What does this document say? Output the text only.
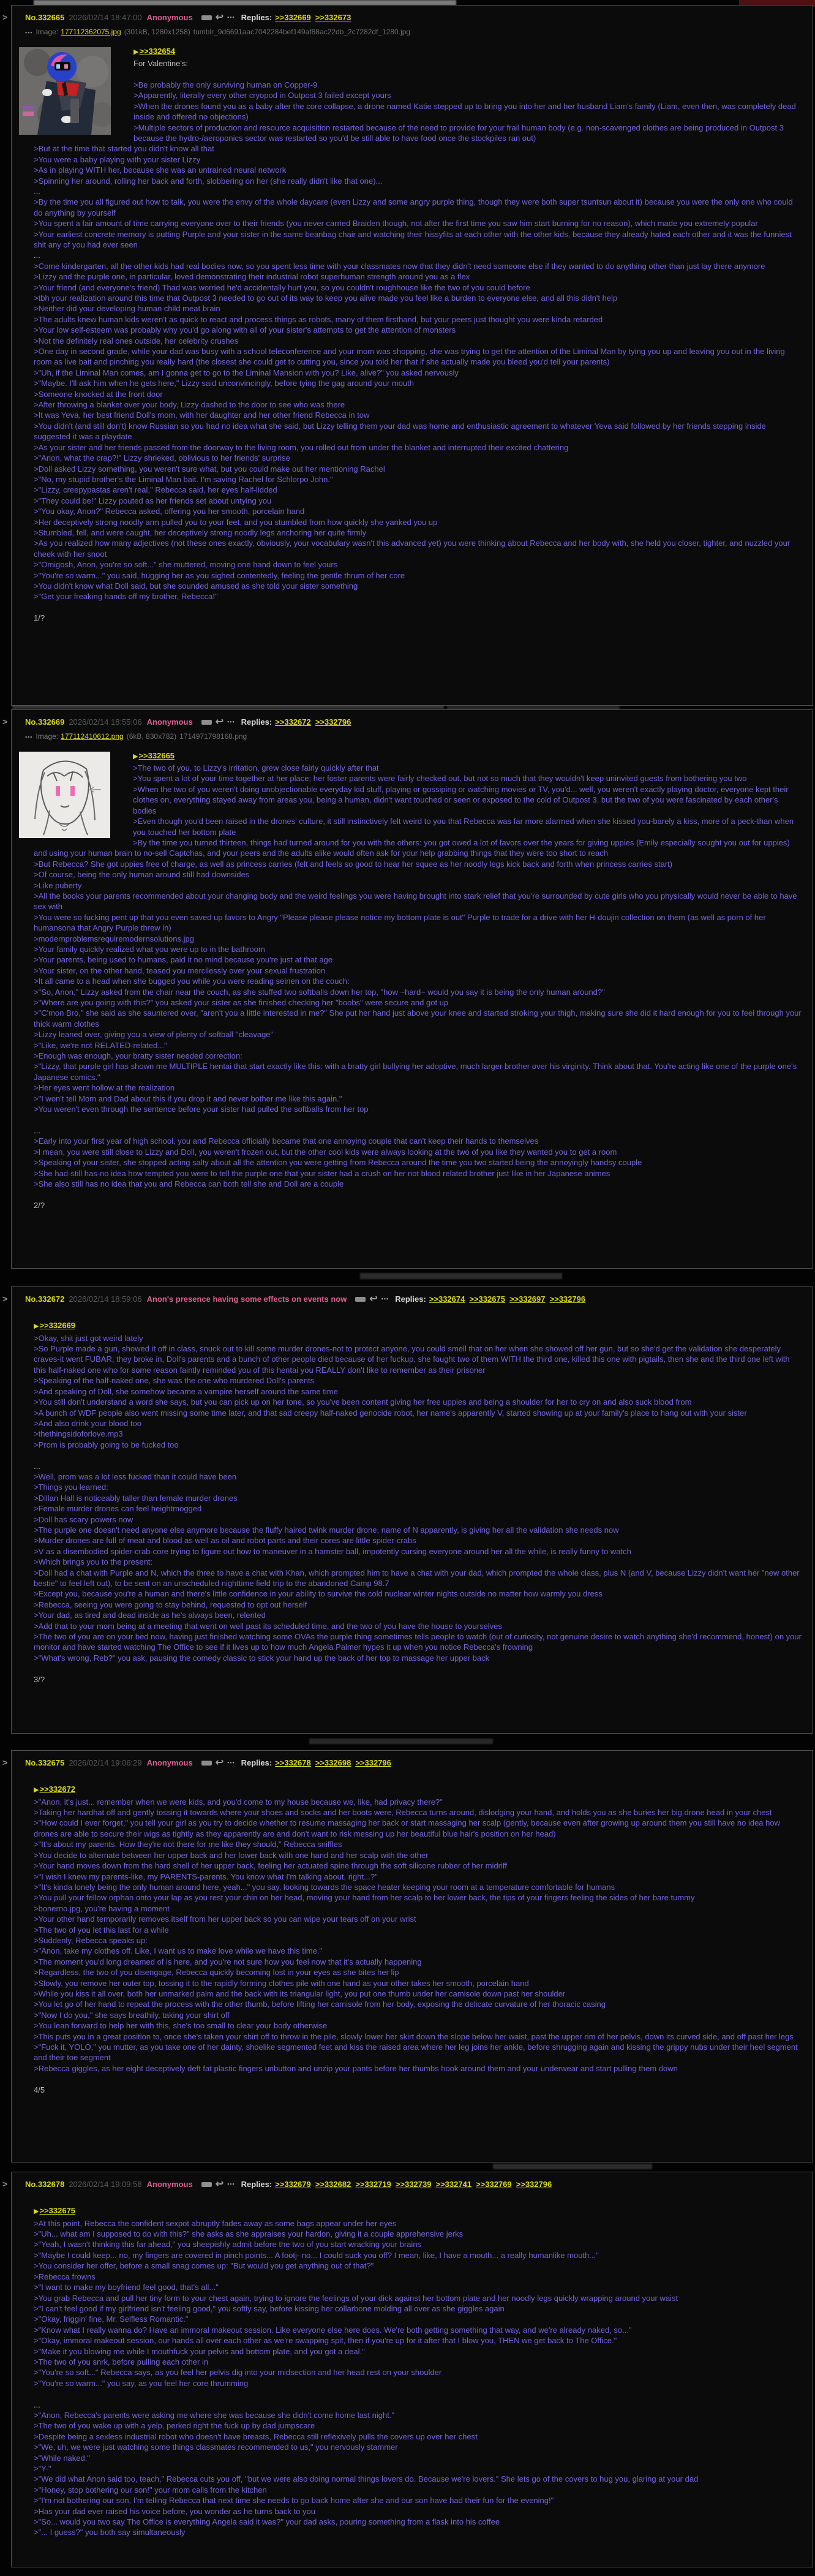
> No.332665 2026/02/14 18:47:00 Anonymous ↩ ••• Replies: >>332669 >>332673
••• Image: 177112362075.jpg (301kB, 1280x1258) tumblr_9d6691aac7042284bef149af88ac22db_2c7282df_1280.jpg
▶>>332654
For Valentine's:
>Be probably the only surviving human on Copper-9
>Apparently, literally every other cryopod in Outpost 3 failed except yours
>When the drones found you as a baby after the core collapse, a drone named Katie stepped up to bring you into her and her husband Liam's family (Liam, even then, was completely dead inside and offered no objections)
>Multiple sectors of production and resource acquisition restarted because of the need to provide for your frail human body (e.g. non-scavenged clothes are being produced in Outpost 3 because the hydro-/aeroponics sector was restarted so you'd be still able to have food once the stockpiles ran out)
>But at the time that started you didn't know all that
>You were a baby playing with your sister Lizzy
>As in playing WITH her, because she was an untrained neural network
>Spinning her around, rolling her back and forth, slobbering on her (she really didn't like that one)...
...
>By the time you all figured out how to talk, you were the envy of the whole daycare (even Lizzy and some angry purple thing, though they were both super tsuntsun about it) because you were the only one who could do anything by yourself
>You spent a fair amount of time carrying everyone over to their friends (you never carried Braiden though, not after the first time you saw him start burning for no reason), which made you extremely popular
>Your earliest concrete memory is putting Purple and your sister in the same beanbag chair and watching their hissyfits at each other with the other kids, because they already hated each other and it was the funniest shit any of you had ever seen
...
>Come kindergarten, all the other kids had real bodies now, so you spent less time with your classmates now that they didn't need someone else if they wanted to do anything other than just lay there anymore
>Lizzy and the purple one, in particular, loved demonstrating their industrial robot superhuman strength around you as a flex
>Your friend (and everyone's friend) Thad was worried he'd accidentally hurt you, so you couldn't roughhouse like the two of you could before
>tbh your realization around this time that Outpost 3 needed to go out of its way to keep you alive made you feel like a burden to everyone else, and all this didn't help
>Neither did your developing human child meat brain
>The adults knew human kids weren't as quick to react and process things as robots, many of them firsthand, but your peers just thought you were kinda retarded
>Your low self-esteem was probably why you'd go along with all of your sister's attempts to get the attention of monsters
>Not the definitely real ones outside, her celebrity crushes
>One day in second grade, while your dad was busy with a school teleconference and your mom was shopping, she was trying to get the attention of the Liminal Man by tying you up and leaving you out in the living room as live bait and pinching you really hard (the closest she could get to cutting you, since you told her that if she actually made you bleed you'd tell your parents)
>"Uh, if the Liminal Man comes, am I gonna get to go to the Liminal Mansion with you? Like, alive?" you asked nervously
>"Maybe. I'll ask him when he gets here," Lizzy said unconvincingly, before tying the gag around your mouth
>Someone knocked at the front door
>After throwing a blanket over your body, Lizzy dashed to the door to see who was there
>It was Yeva, her best friend Doll's mom, with her daughter and her other friend Rebecca in tow
>You didn't (and still don't) know Russian so you had no idea what she said, but Lizzy telling them your dad was home and enthusiastic agreement to whatever Yeva said followed by her friends stepping inside suggested it was a playdate
>As your sister and her friends passed from the doorway to the living room, you rolled out from under the blanket and interrupted their excited chattering
>"Anon, what the crap?!" Lizzy shrieked, oblivious to her friends' surprise
>Doll asked Lizzy something, you weren't sure what, but you could make out her mentioning Rachel
>"No, my stupid brother's the Liminal Man bait. I'm saving Rachel for Schlorpo John."
>"Lizzy, creepypastas aren't real," Rebecca said, her eyes half-lidded
>"They could be!" Lizzy pouted as her friends set about untying you
>"You okay, Anon?" Rebecca asked, offering you her smooth, porcelain hand
>Her deceptively strong noodly arm pulled you to your feet, and you stumbled from how quickly she yanked you up
>Stumbled, fell, and were caught, her deceptively strong noodly legs anchoring her quite firmly
>As you realized how many adjectives (not these ones exactly, obviously, your vocabulary wasn't this advanced yet) you were thinking about Rebecca and her body with, she held you closer, tighter, and nuzzled your cheek with her snoot
>"Omigosh, Anon, you're so soft..." she muttered, moving one hand down to feel yours
>"You're so warm..." you said, hugging her as you sighed contentedly, feeling the gentle thrum of her core
>You didn't know what Doll said, but she sounded amused as she told your sister something
>"Get your freaking hands off my brother, Rebecca!"
1/?
> No.332669 2026/02/14 18:55:06 Anonymous ↩ ••• Replies: >>332672 >>332796
••• Image: 177112410612.png (6kB, 830x782) 1714971798168.png
▶>>332665
>The two of you, to Lizzy's irritation, grew close fairly quickly after that
>You spent a lot of your time together at her place; her foster parents were fairly checked out, but not so much that they wouldn't keep uninvited guests from bothering you two
>When the two of you weren't doing unobjectionable everyday kid stuff, playing or gossiping or watching movies or TV, you'd... well, you weren't exactly playing doctor, everyone kept their clothes on, everything stayed away from areas you, being a human, didn't want touched or seen or exposed to the cold of Outpost 3, but the two of you were fascinated by each other's bodies
>Even though you'd been raised in the drones' culture, it still instinctively felt weird to you that Rebecca was far more alarmed when she kissed you-barely a kiss, more of a peck-than when you touched her bottom plate
>By the time you turned thirteen, things had turned around for you with the others: you got owed a lot of favors over the years for giving uppies (Emily especially sought you out for uppies) and using your human brain to no-sell Captchas, and your peers and the adults alike would often ask for your help grabbing things that they were too short to reach
>But Rebecca? She got uppies free of charge, as well as princess carries (felt and feels so good to hear her squee as her noodly legs kick back and forth when princess carries start)
>Of course, being the only human around still had downsides
>Like puberty
>All the books your parents recommended about your changing body and the weird feelings you were having brought into stark relief that you're surrounded by cute girls who you physically would never be able to have sex with
>You were so fucking pent up that you even saved up favors to Angry "Please please please notice my bottom plate is out" Purple to trade for a drive with her H-doujin collection on them (as well as porn of her humansona that Angry Purple threw in)
>modernproblemsrequiremodernsolutions.jpg
>Your family quickly realized what you were up to in the bathroom
>Your parents, being used to humans, paid it no mind because you're just at that age
>Your sister, on the other hand, teased you mercilessly over your sexual frustration
>It all came to a head when she bugged you while you were reading seinen on the couch:
>"So, Anon," Lizzy asked from the chair near the couch, as she stuffed two softballs down her top, "how ~hard~ would you say it is being the only human around?"
>"Where are you going with this?" you asked your sister as she finished checking her "boobs" were secure and got up
>"C'mon Bro," she said as she sauntered over, "aren't you a little interested in me?" She put her hand just above your knee and started stroking your thigh, making sure she did it hard enough for you to feel through your thick warm clothes
>Lizzy leaned over, giving you a view of plenty of softball "cleavage"
>"Like, we're not RELATED-related..."
>Enough was enough, your bratty sister needed correction:
>"Lizzy, that purple girl has shown me MULTIPLE hentai that start exactly like this: with a bratty girl bullying her adoptive, much larger brother over his virginity. Think about that. You're acting like one of the purple one's Japanese comics."
>Her eyes went hollow at the realization
>"I won't tell Mom and Dad about this if you drop it and never bother me like this again."
>You weren't even through the sentence before your sister had pulled the softballs from her top
...
>Early into your first year of high school, you and Rebecca officially became that one annoying couple that can't keep their hands to themselves
>I mean, you were still close to Lizzy and Doll, you weren't frozen out, but the other cool kids were always looking at the two of you like they wanted you to get a room
>Speaking of your sister, she stopped acting salty about all the attention you were getting from Rebecca around the time you two started being the annoyingly handsy couple
>She had-still has-no idea how tempted you were to tell the purple one that your sister had a crush on her not blood related brother just like in her Japanese animes
>She also still has no idea that you and Rebecca can both tell she and Doll are a couple
2/?
> No.332672 2026/02/14 18:59:06 Anon's presence having some effects on events now ↩ ••• Replies: >>332674 >>332675 >>332697 >>332796
▶>>332669
>Okay, shit just got weird lately
>So Purple made a gun, showed it off in class, snuck out to kill some murder drones-not to protect anyone, you could smell that on her when she showed off her gun, but so she'd get the validation she desperately craves-it went FUBAR, they broke in, Doll's parents and a bunch of other people died because of her fuckup, she fought two of them WITH the third one, killed this one with pigtails, then she and the third one left with this half-naked one who for some reason faintly reminded you of this hentai you REALLY don't like to remember as their prisoner
>Speaking of the half-naked one, she was the one who murdered Doll's parents
>And speaking of Doll, she somehow became a vampire herself around the same time
>You still don't understand a word she says, but you can pick up on her tone, so you've been content giving her free uppies and being a shoulder for her to cry on and also suck blood from
>A bunch of WDF people also went missing some time later, and that sad creepy half-naked genocide robot, her name's apparently V, started showing up at your family's place to hang out with your sister
>And also drink your blood too
>thethingsidoforlove.mp3
>Prom is probably going to be fucked too
...
>Well, prom was a lot less fucked than it could have been
>Things you learned:
>Dillan Hall is noticeably taller than female murder drones
>Female murder drones can feel heightmogged
>Doll has scary powers now
>The purple one doesn't need anyone else anymore because the fluffy haired twink murder drone, name of N apparently, is giving her all the validation she needs now
>Murder drones are full of meat and blood as well as oil and robot parts and their cores are little spider-crabs
>V as a disembodied spider-crab-core trying to figure out how to maneuver in a hamster ball, impotently cursing everyone around her all the while, is really funny to watch
>Which brings you to the present:
>Doll had a chat with Purple and N, which the three to have a chat with Khan, which prompted him to have a chat with your dad, which prompted the whole class, plus N (and V, because Lizzy didn't want her "new other bestie" to feel left out), to be sent on an unscheduled nighttime field trip to the abandoned Camp 98.7
>Except you, because you're a human and there's little confidence in your ability to survive the cold nuclear winter nights outside no matter how warmly you dress
>Rebecca, seeing you were going to stay behind, requested to opt out herself
>Your dad, as tired and dead inside as he's always been, relented
>Add that to your mom being at a meeting that went on well past its scheduled time, and the two of you have the house to yourselves
>The two of you are on your bed now, having just finished watching some OVAs the purple thing sometimes tells people to watch (out of curiosity, not genuine desire to watch anything she'd recommend, honest) on your monitor and have started watching The Office to see if it lives up to how much Angela Palmer hypes it up when you notice Rebecca's frowning
>"What's wrong, Reb?" you ask, pausing the comedy classic to stick your hand up the back of her top to massage her upper back
3/?
> No.332675 2026/02/14 19:06:29 Anonymous ↩ ••• Replies: >>332678 >>332698 >>332796
▶>>332672
>"Anon, it's just... remember when we were kids, and you'd come to my house because we, like, had privacy there?"
>Taking her hardhat off and gently tossing it towards where your shoes and socks and her boots were, Rebecca turns around, dislodging your hand, and holds you as she buries her big drone head in your chest
>"How could I ever forget," you tell your girl as you try to decide whether to resume massaging her back or start massaging her scalp (gently, because even after growing up around them you still have no idea how drones are able to secure their wigs as tightly as they apparently are and don't want to risk messing up her beautiful blue hair's position on her head)
>"It's about my parents. How they're not there for me like they should," Rebecca sniffles
>You decide to alternate between her upper back and her lower back with one hand and her scalp with the other
>Your hand moves down from the hard shell of her upper back, feeling her actuated spine through the soft silicone rubber of her midriff
>"I wish I knew my parents-like, my PARENTS-parents. You know what I'm talking about, right...?"
>"It's kinda lonely being the only human around here, yeah..." you say, looking towards the space heater keeping your room at a temperature comfortable for humans
>You pull your fellow orphan onto your lap as you rest your chin on her head, moving your hand from her scalp to her lower back, the tips of your fingers feeling the sides of her bare tummy
>bonerno.jpg, you're having a moment
>Your other hand temporarily removes itself from her upper back so you can wipe your tears off on your wrist
>The two of you let this last for a while
>Suddenly, Rebecca speaks up:
>"Anon, take my clothes off. Like, I want us to make love while we have this time."
>The moment you'd long dreamed of is here, and you're not sure how you feel now that it's actually happening
>Regardless, the two of you disengage, Rebecca quickly becoming lost in your eyes as she bites her lip
>Slowly, you remove her outer top, tossing it to the rapidly forming clothes pile with one hand as your other takes her smooth, porcelain hand
>While you kiss it all over, both her unmarked palm and the back with its triangular light, you put one thumb under her camisole down past her shoulder
>You let go of her hand to repeat the process with the other thumb, before lifting her camisole from her body, exposing the delicate curvature of her thoracic casing
>"Now I do you," she says breathily, taking your shirt off
>You lean forward to help her with this, she's too small to clear your body otherwise
>This puts you in a great position to, once she's taken your shirt off to throw in the pile, slowly lower her skirt down the slope below her waist, past the upper rim of her pelvis, down its curved side, and off past her legs
>"Fuck it, YOLO," you mutter, as you take one of her dainty, shoelike segmented feet and kiss the raised area where her leg joins her ankle, before shrugging again and kissing the grippy nubs under their heel segment and their toe segment
>Rebecca giggles, as her eight deceptively deft fat plastic fingers unbutton and unzip your pants before her thumbs hook around them and your underwear and start pulling them down
4/5
> No.332678 2026/02/14 19:09:58 Anonymous ↩ ••• Replies: >>332679 >>332682 >>332719 >>332739 >>332741 >>332769 >>332796
▶>>332675
>At this point, Rebecca the confident sexpot abruptly fades away as some bags appear under her eyes
>"Uh... what am I supposed to do with this?" she asks as she appraises your hardon, giving it a couple apprehensive jerks
>"Yeah, I wasn't thinking this far ahead," you sheepishly admit before the two of you start wracking your brains
>"Maybe I could keep... no, my fingers are covered in pinch points... A footj- no... I could suck you off? I mean, like, I have a mouth... a really humanlike mouth..."
>You consider her offer, before a small snag comes up: "But would you get anything out of that?"
>Rebecca frowns
>"I want to make my boyfriend feel good, that's all..."
>You grab Rebecca and pull her tiny form to your chest again, trying to ignore the feelings of your dick against her bottom plate and her noodly legs quickly wrapping around your waist
>"I can't feel good if my girlfriend isn't feeling good," you softly say, before kissing her collarbone molding all over as she giggles again
>"Okay, friggin' fine, Mr. Selfless Romantic."
>"Know what I really wanna do? Have an immoral makeout session. Like everyone else here does. We're both getting something that way, and we're already naked, so..."
>"Okay, immoral makeout session, our hands all over each other as we're swapping spit, then if you're up for it after that I blow you, THEN we get back to The Office."
>"Make it you blowing me while I mouthfuck your pelvis and bottom plate, and you got a deal."
>The two of you snrk, before pulling each other in
>"You're so soft..." Rebecca says, as you feel her pelvis dig into your midsection and her head rest on your shoulder
>"You're so warm..." you say, as you feel her core thrumming
...
>"Anon, Rebecca's parents were asking me where she was because she didn't come home last night."
>The two of you wake up with a yelp, perked right the fuck up by dad jumpscare
>Despite being a sexless industrial robot who doesn't have breasts, Rebecca still reflexively pulls the covers up over her chest
>"We, uh, we were just watching some things classmates recommended to us," you nervously stammer
>"While naked."
>"Y-"
>"We did what Anon said too, teach," Rebecca cuts you off, "but we were also doing normal things lovers do. Because we're lovers." She lets go of the covers to hug you, glaring at your dad
>"Honey, stop bothering our son!" your mom calls from the kitchen
>"I'm not bothering our son, I'm telling Rebecca that next time she needs to go back home after she and our son have had their fun for the evening!"
>Has your dad ever raised his voice before, you wonder as he turns back to you
>"So... would you two say The Office is everything Angela said it was?" your dad asks, pouring something from a flask into his coffee
>"... I guess?" you both say simultaneously
